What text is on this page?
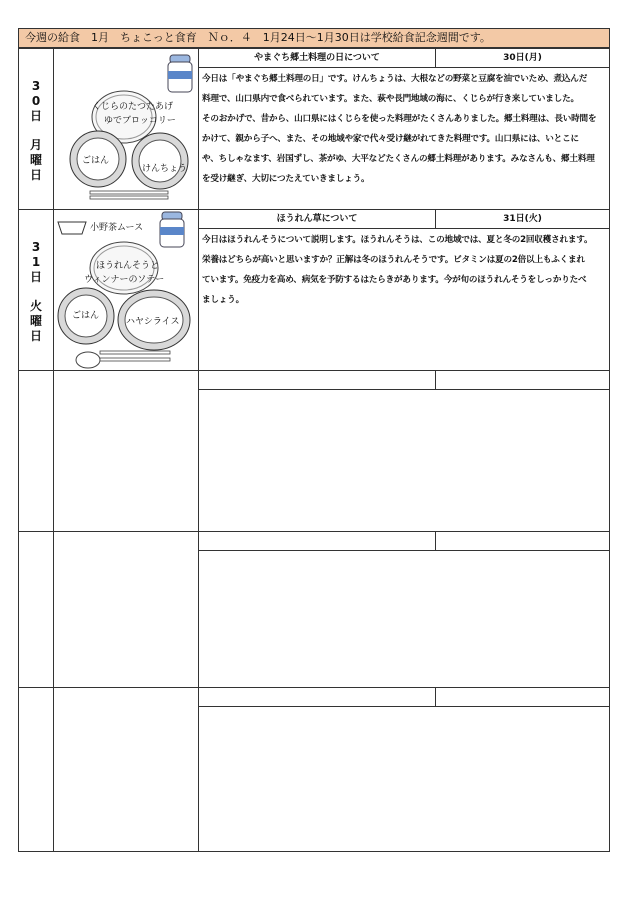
今週の給食　1月　ちょこっと食育　Ｎｏ．４　1月24日～1月30日は学校給食記念週間です。
3
0
日
月
曜
日
くじらのたつたあげ
ゆでブロッコリー
ごはん
けんちょう
やまぐち郷土料理の日について	30日(月)
今日は「やまぐち郷土料理の日」です。けんちょうは、大根などの野菜と豆腐を油でいため、煮込んだ
料理で、山口県内で食べられています。また、萩や長門地域の海に、くじらが行き来していました。
そのおかげで、昔から、山口県にはくじらを使った料理がたくさんありました。郷土料理は、長い時間を
かけて、親から子へ、また、その地域や家で代々受け継がれてきた料理です。山口県には、いとこに
や、ちしゃなます、岩国ずし、茶がゆ、大平などたくさんの郷土料理があります。みなさんも、郷土料理
を受け継ぎ、大切につたえていきましょう。
3
1
日
火
曜
日
小野茶ムース
ほうれんそうと
ウィンナーのソテー
ごはん
ハヤシライス
ほうれん草について	31日(火)
今日はほうれんそうについて説明します。ほうれんそうは、この地域では、夏と冬の2回収穫されます。
栄養はどちらが高いと思いますか？正解は冬のほうれんそうです。ビタミンは夏の2倍以上もふくまれ
ています。免疫力を高め、病気を予防するはたらきがあります。今が旬のほうれんそうをしっかりたべ
ましょう。
